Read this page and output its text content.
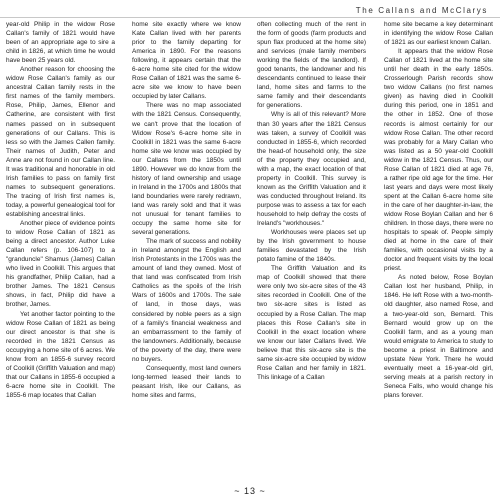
The Callans and McClarys

year-old Philip in the widow Rose Callan's family of 1821 would have been of an appropriate age to sire a child in 1826, at which time he would have been 25 years old.

Another reason for choosing the widow Rose Callan's family as our ancestral Callan family rests in the first names of the family members. Rose, Philip, James, Ellenor and Catherine, are consistent with first names passed on in subsequent generations of our Callans. This is less so with the James Callen family. Their names of Judith, Peter and Anne are not found in our Callan line. It was traditional and honorable in old Irish families to pass on family first names to subsequent generations. The tracing of Irish first names is, today, a powerful genealogical tool for establishing ancestral links.

Another piece of evidence points to widow Rose Callan of 1821 as being a direct ancestor. Author Luke Callan refers (p. 106-107) to a "granduncle" Shamus (James) Callan who lived in Coolkill. This argues that his grandfather, Philip Callan, had a brother James. The 1821 Census shows, in fact, Philip did have a brother, James.

Yet another factor pointing to the widow Rose Callan of 1821 as being our direct ancestor is that she is recorded in the 1821 Census as occupying a home site of 6 acres. We know from an 1855-6 survey record of Coolkill (Griffith Valuation and map) that our Callans in 1855-6 occupied a 6-acre home site in Coolkill. The 1855-6 map locates that Callan

home site exactly where we know Kate Callan lived with her parents prior to the family departing for America in 1890. For the reasons following, it appears certain that the 6-acre home site cited for the widow Rose Callan of 1821 was the same 6-acre site we know to have been occupied by later Callans.

There was no map associated with the 1821 Census. Consequently, we can't prove that the location of Widow Rose's 6-acre home site in Coolkill in 1821 was the same 6-acre home site we know was occupied by our Callans from the 1850s until 1890. However we do know from the history of land ownership and usage in Ireland in the 1700s and 1800s that land boundaries were rarely redrawn, land was rarely sold and that it was not unusual for tenant families to occupy the same home site for several generations.

The mark of success and nobility in Ireland amongst the English and Irish Protestants in the 1700s was the amount of land they owned. Most of that land was confiscated from Irish Catholics as the spoils of the Irish Wars of 1600s and 1700s. The sale of land, in those days, was considered by noble peers as a sign of a family's financial weakness and an embarrassment to the family of the landowners. Additionally, because of the poverty of the day, there were no buyers.

Consequently, most land owners long-termed leased their lands to peasant Irish, like our Callans, as home sites and farms,

often collecting much of the rent in the form of goods (farm products and spun flax produced at the home site) and services (male family members working the fields of the landlord). If good tenants, the landowner and his descendants continued to lease their land, home sites and farms to the same family and their descendants for generations.

Why is all of this relevant? More than 30 years after the 1821 Census was taken, a survey of Coolkill was conducted in 1855-6, which recorded the head-of household only, the size of the property they occupied and, with a map, the exact location of that property in Coolkill. This survey is known as the Griffith Valuation and it was conducted throughout Ireland. Its purpose was to assess a tax for each household to help defray the costs of Ireland's "workhouses."

Workhouses were places set up by the Irish government to house families devastated by the Irish potato famine of the 1840s.

The Griffith Valuation and its map of Coolkill showed that there were only two six-acre sites of the 43 sites recorded in Coolkill. One of the two six-acre sites is listed as occupied by a Rose Callan. The map places this Rose Callan's site in Coolkill in the exact location where we know our later Callans lived. We believe that this six-acre site is the same six-acre site occupied by widow Rose Callan and her family in 1821. This linkage of a Callan

home site became a key determinant in identifying the widow Rose Callan of 1821 as our earliest known Callan.

It appears that the widow Rose Callan of 1821 lived at the home site until her death in the early 1850s. Crosserlough Parish records show two widow Callans (no first names given) as having died in Coolkill during this period, one in 1851 and the other in 1852. One of those records is almost certainly for our widow Rose Callan. The other record was probably for a Mary Callan who was listed as a 50 year-old Coolkill widow in the 1821 Census. Thus, our Rose Callan of 1821 died at age 76, a rather ripe old age for the time. Her last years and days were most likely spent at the Callan 6-acre home site in the care of her daughter-in-law, the widow Rose Boylan Callan and her 6 children. In those days, there were no hospitals to speak of. People simply died at home in the care of their families, with occasional visits by a doctor and frequent visits by the local priest.

As noted below, Rose Boylan Callan lost her husband, Philip, in 1846. He left Rose with a two-month-old daughter, also named Rose, and a two-year-old son, Bernard. This Bernard would grow up on the Coolkill farm, and as a young man would emigrate to America to study to become a priest in Baltimore and upstate New York. There he would eventually meet a 16-year-old girl, serving meals at a parish rectory in Seneca Falls, who would change his plans forever.

~ 13 ~
